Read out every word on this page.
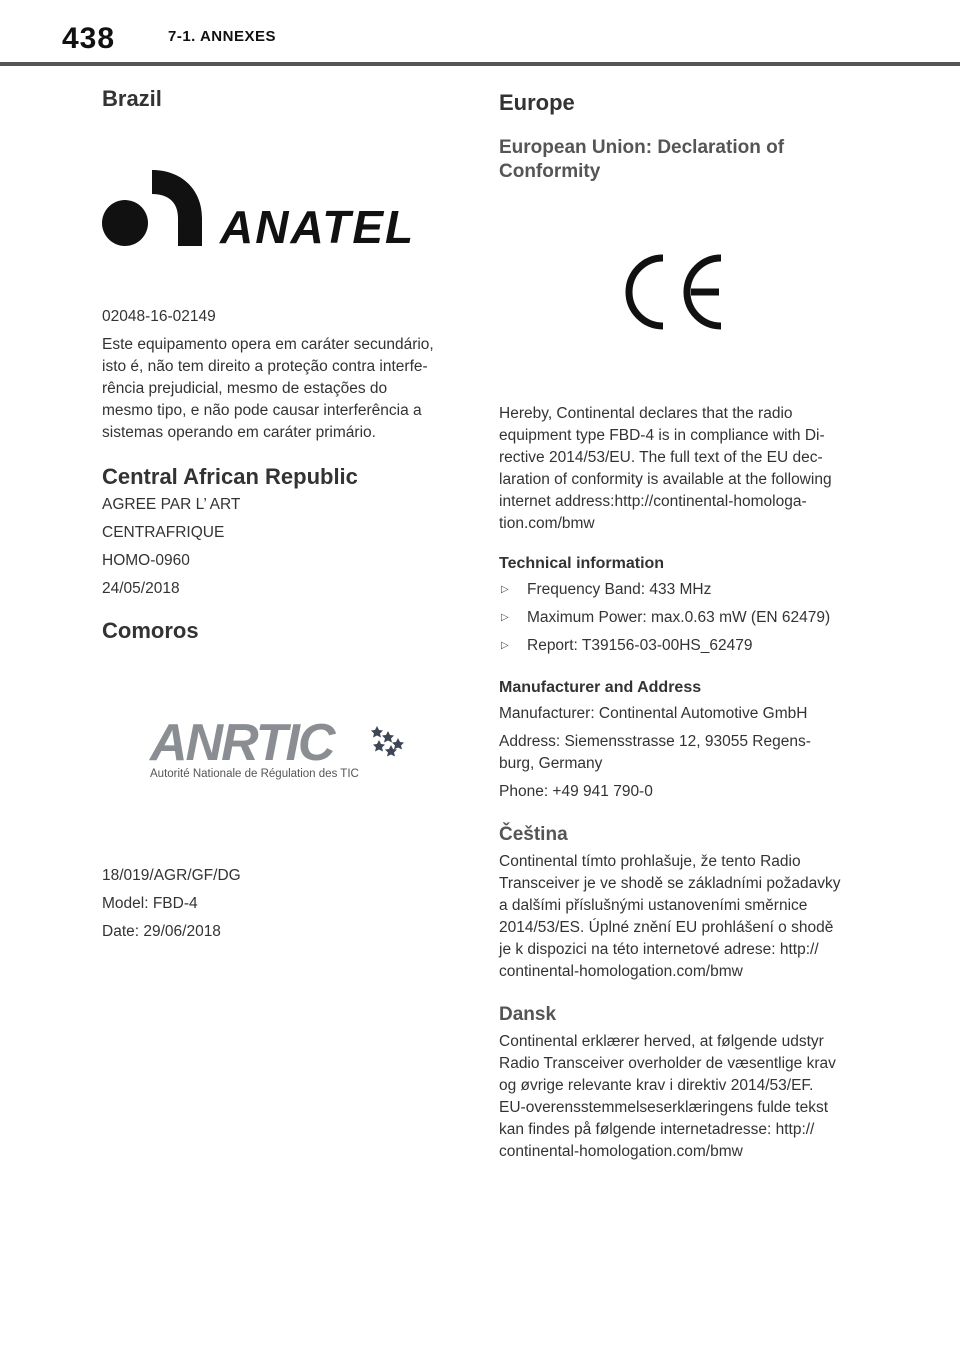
438	7-1. ANNEXES
Brazil
ANATEL

02048-16-02149

Este equipamento opera em caráter secundário,
isto é, não tem direito a proteção contra interfe-
rência prejudicial, mesmo de estações do
mesmo tipo, e não pode causar interferência a
sistemas operando em caráter primário.
Central African Republic
AGREE PAR L’ ART
CENTRAFRIQUE
HOMO-0960
24/05/2018
Comoros
ANRTIC
Autorité Nationale de Régulation des TIC
18/019/AGR/GF/DG
Model: FBD-4
Date: 29/06/2018
Europe
European Union: Declaration of
Conformity
Hereby, Continental declares that the radio
equipment type FBD-4 is in compliance with Di-
rective 2014/53/EU. The full text of the EU dec-
laration of conformity is available at the following
internet address:http://continental-homologa-
tion.com/bmw
Technical information
▷	Frequency Band: 433 MHz
▷	Maximum Power: max.0.63 mW (EN 62479)
▷	Report: T39156-03-00HS_62479
Manufacturer and Address
Manufacturer: Continental Automotive GmbH
Address: Siemensstrasse 12, 93055 Regens-
burg, Germany
Phone: +49 941 790-0
Čeština
Continental tímto prohlašuje, že tento Radio
Transceiver je ve shodě se základními požadavky
a dalšími příslušnými ustanoveními směrnice
2014/53/ES. Úplné znění EU prohlášení o shodě
je k dispozici na této internetové adrese: http://
continental-homologation.com/bmw
Dansk
Continental erklærer herved, at følgende udstyr
Radio Transceiver overholder de væsentlige krav
og øvrige relevante krav i direktiv 2014/53/EF.
EU-overensstemmelseserklæringens fulde tekst
kan findes på følgende internetadresse: http://
continental-homologation.com/bmw
